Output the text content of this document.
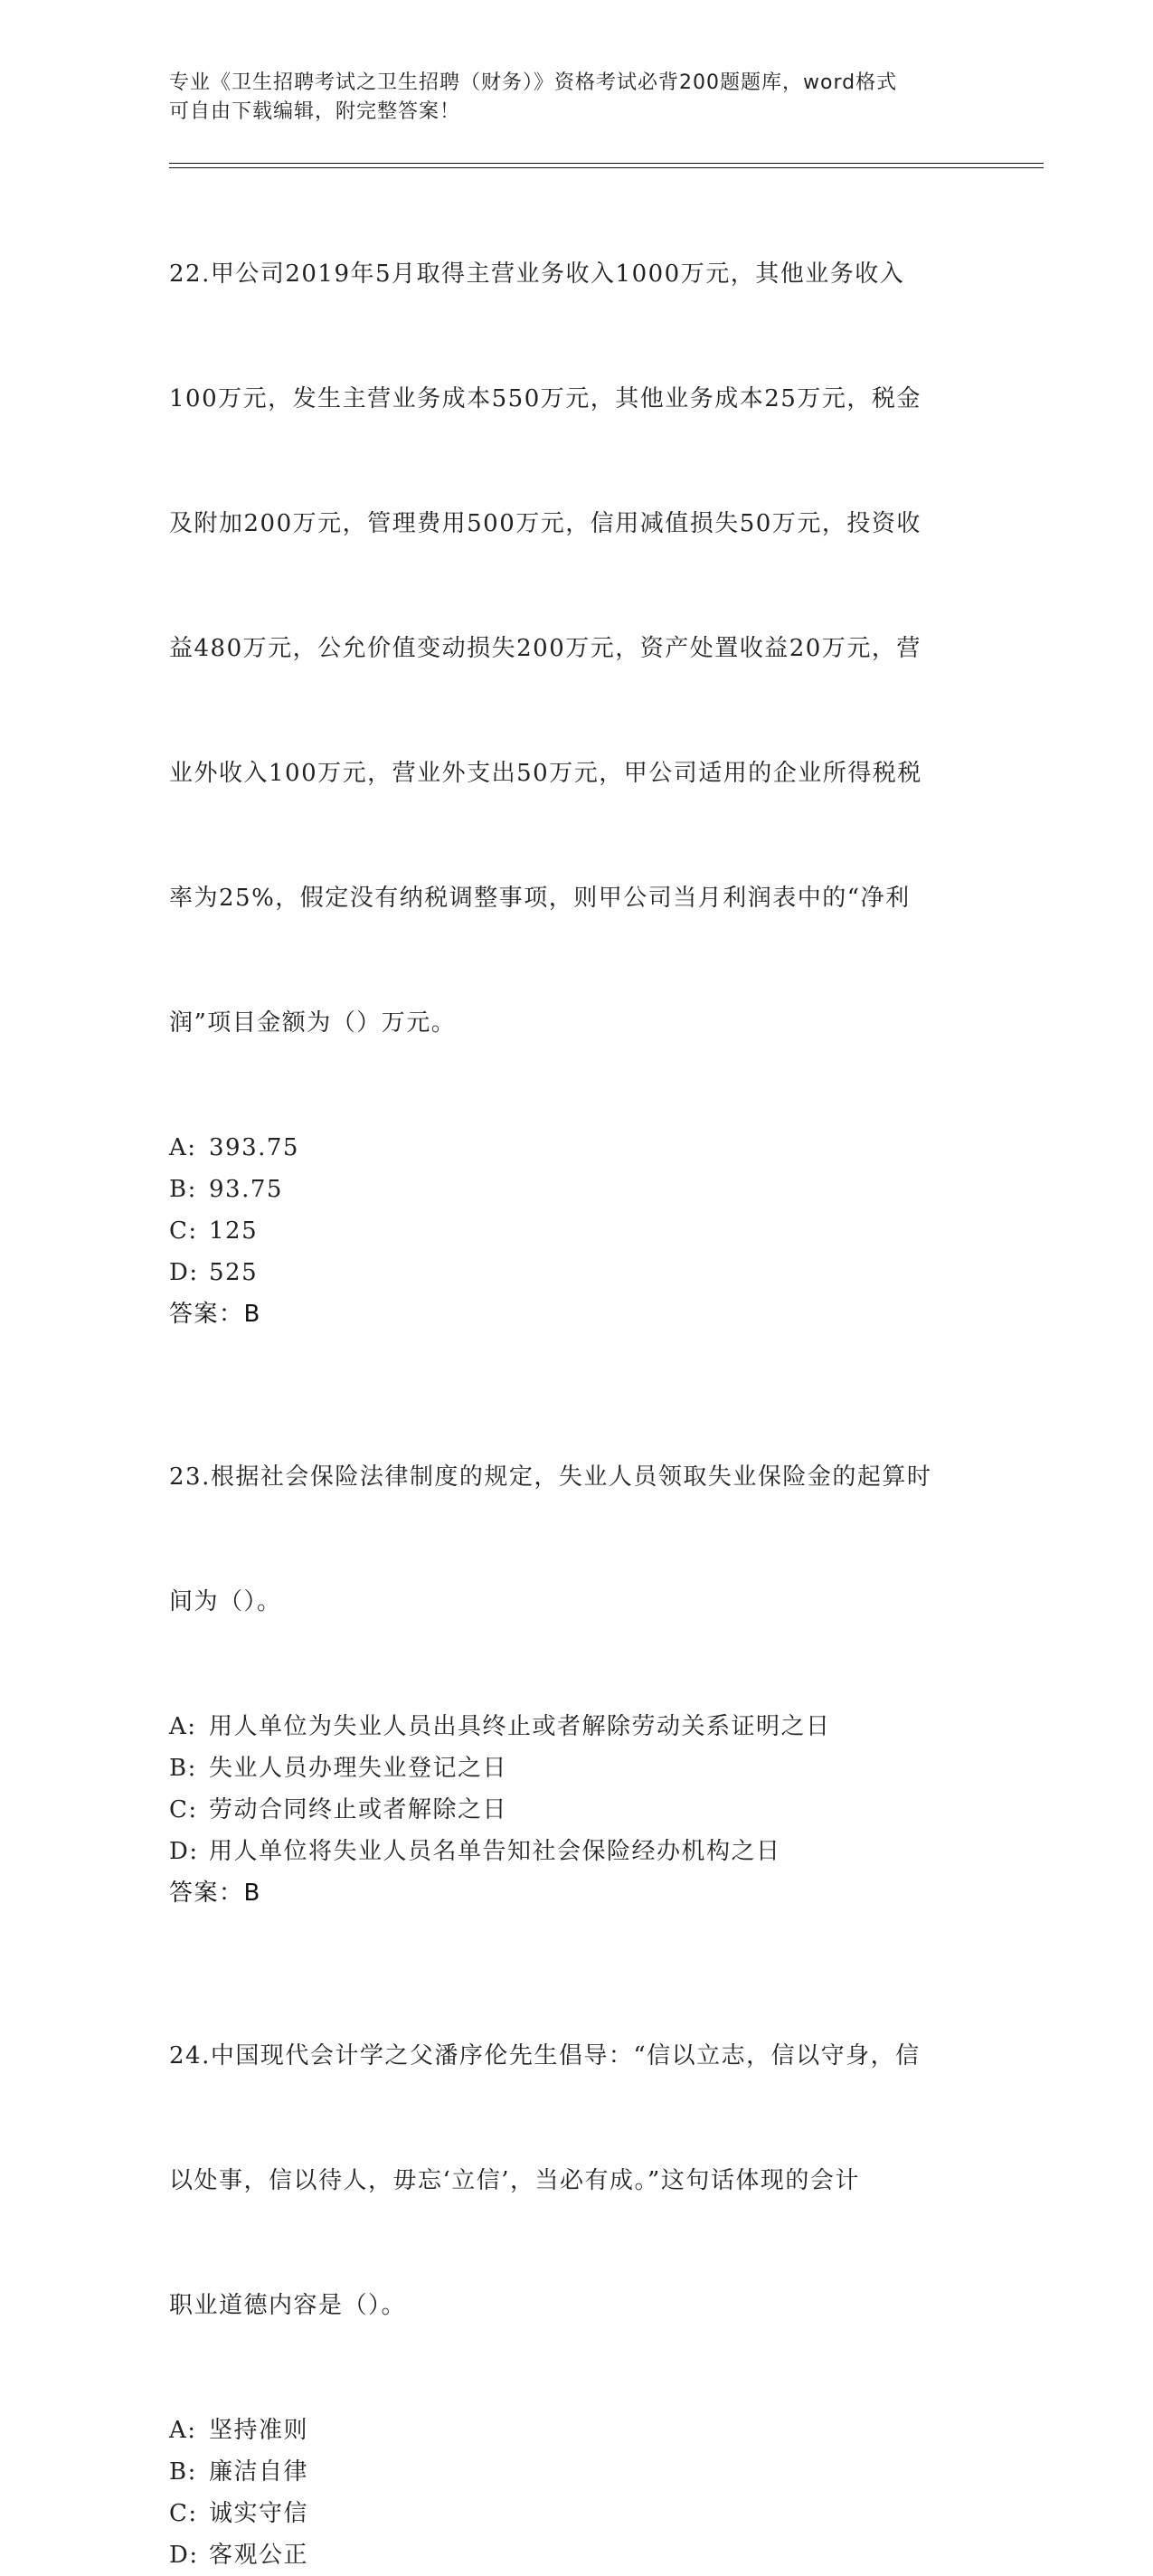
专业《卫生招聘考试之卫生招聘（财务）》资格考试必背200题题库，word格式
可自由下载编辑，附完整答案！

22.甲公司2019年5月取得主营业务收入1000万元，其他业务收入

100万元，发生主营业务成本550万元，其他业务成本25万元，税金

及附加200万元，管理费用500万元，信用减值损失50万元，投资收

益480万元，公允价值变动损失200万元，资产处置收益20万元，营

业外收入100万元，营业外支出50万元，甲公司适用的企业所得税税

率为25%，假定没有纳税调整事项，则甲公司当月利润表中的“净利

润”项目金额为（）万元。

A: 393.75
B: 93.75
C: 125
D: 525
答案：B

23.根据社会保险法律制度的规定，失业人员领取失业保险金的起算时

间为（）。

A: 用人单位为失业人员出具终止或者解除劳动关系证明之日
B: 失业人员办理失业登记之日
C: 劳动合同终止或者解除之日
D: 用人单位将失业人员名单告知社会保险经办机构之日
答案：B

24.中国现代会计学之父潘序伦先生倡导：“信以立志，信以守身，信

以处事，信以待人，毋忘‘立信’，当必有成。”这句话体现的会计

职业道德内容是（）。

A: 坚持准则
B: 廉洁自律
C: 诚实守信
D: 客观公正
